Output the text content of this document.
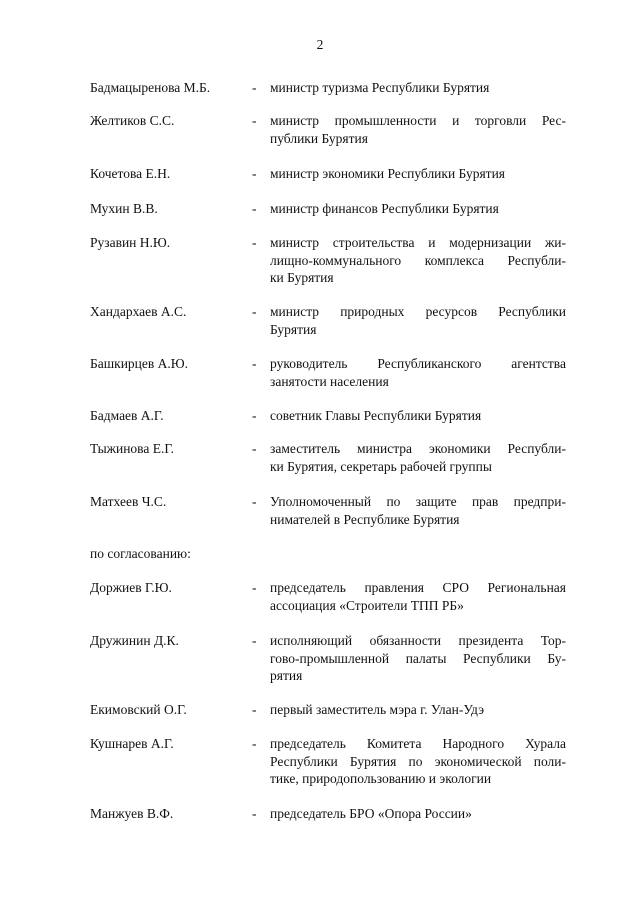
2
Бадмацыренова М.Б.	-	министр туризма Республики Бурятия
Желтиков С.С.	-	министр промышленности и торговли Рес-
публики Бурятия
Кочетова Е.Н.	-	министр экономики Республики Бурятия
Мухин В.В.	-	министр финансов Республики Бурятия
Рузавин Н.Ю.	-	министр строительства и модернизации жи-
лищно-коммунального комплекса Республи-
ки Бурятия
Хандархаев А.С.	-	министр природных ресурсов Республики
Бурятия
Башкирцев А.Ю.	-	руководитель Республиканского агентства
занятости населения
Бадмаев А.Г.	-	советник Главы Республики Бурятия
Тыжинова Е.Г.	-	заместитель министра экономики Республи-
ки Бурятия, секретарь рабочей группы
Матхеев Ч.С.	-	Уполномоченный по защите прав предпри-
нимателей в Республике Бурятия
по согласованию:
Доржиев Г.Ю.	-	председатель правления СРО Региональная
ассоциация «Строители ТПП РБ»
Дружинин Д.К.	-	исполняющий обязанности президента Тор-
гово-промышленной палаты Республики Бу-
рятия
Екимовский О.Г.	-	первый заместитель мэра г. Улан-Удэ
Кушнарев А.Г.	-	председатель Комитета Народного Хурала
Республики Бурятия по экономической поли-
тике, природопользованию и экологии
Манжуев В.Ф.	-	председатель БРО «Опора России»
